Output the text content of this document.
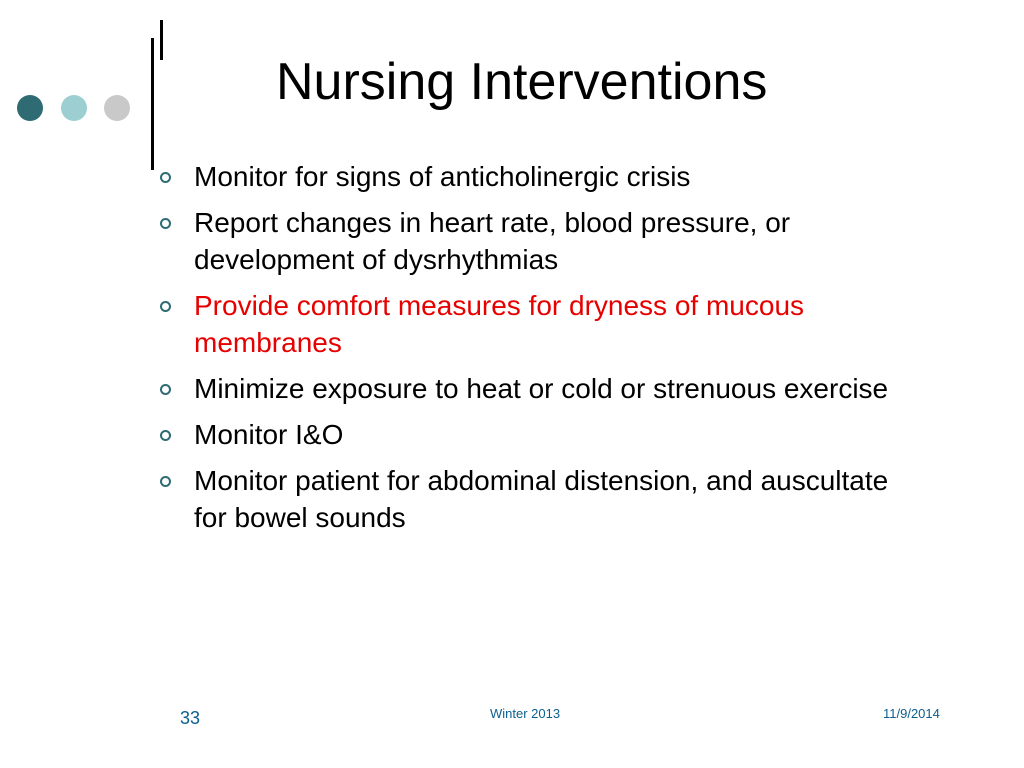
Nursing Interventions
Monitor for signs of anticholinergic crisis
Report changes in heart rate, blood pressure, or development of dysrhythmias
Provide comfort measures for dryness of mucous membranes
Minimize exposure to heat or cold or strenuous exercise
Monitor I&O
Monitor patient for abdominal distension, and auscultate for bowel sounds
33	Winter 2013	11/9/2014
